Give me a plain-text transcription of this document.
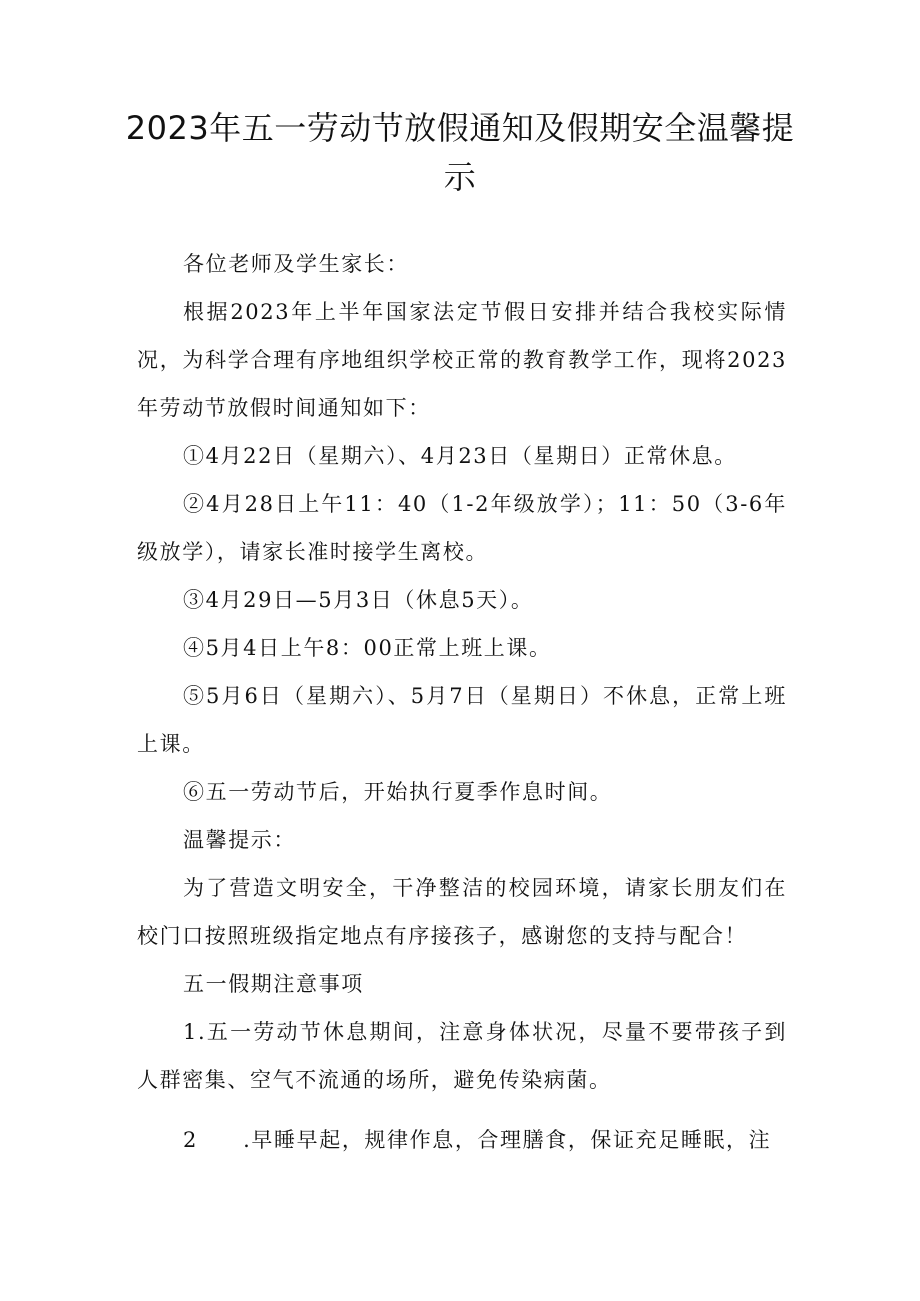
2023年五一劳动节放假通知及假期安全温馨提示

各位老师及学生家长：

根据2023年上半年国家法定节假日安排并结合我校实际情况，为科学合理有序地组织学校正常的教育教学工作，现将2023年劳动节放假时间通知如下：

①4月22日（星期六）、4月23日（星期日）正常休息。

②4月28日上午11：40（1-2年级放学）；11：50（3-6年级放学），请家长准时接学生离校。

③4月29日—5月3日（休息5天）。

④5月4日上午8：00正常上班上课。

⑤5月6日（星期六）、5月7日（星期日）不休息，正常上班上课。

⑥五一劳动节后，开始执行夏季作息时间。

温馨提示：

为了营造文明安全，干净整洁的校园环境，请家长朋友们在校门口按照班级指定地点有序接孩子，感谢您的支持与配合！

五一假期注意事项

1.五一劳动节休息期间，注意身体状况，尽量不要带孩子到人群密集、空气不流通的场所，避免传染病菌。

2　　.早睡早起，规律作息，合理膳食，保证充足睡眠，注
